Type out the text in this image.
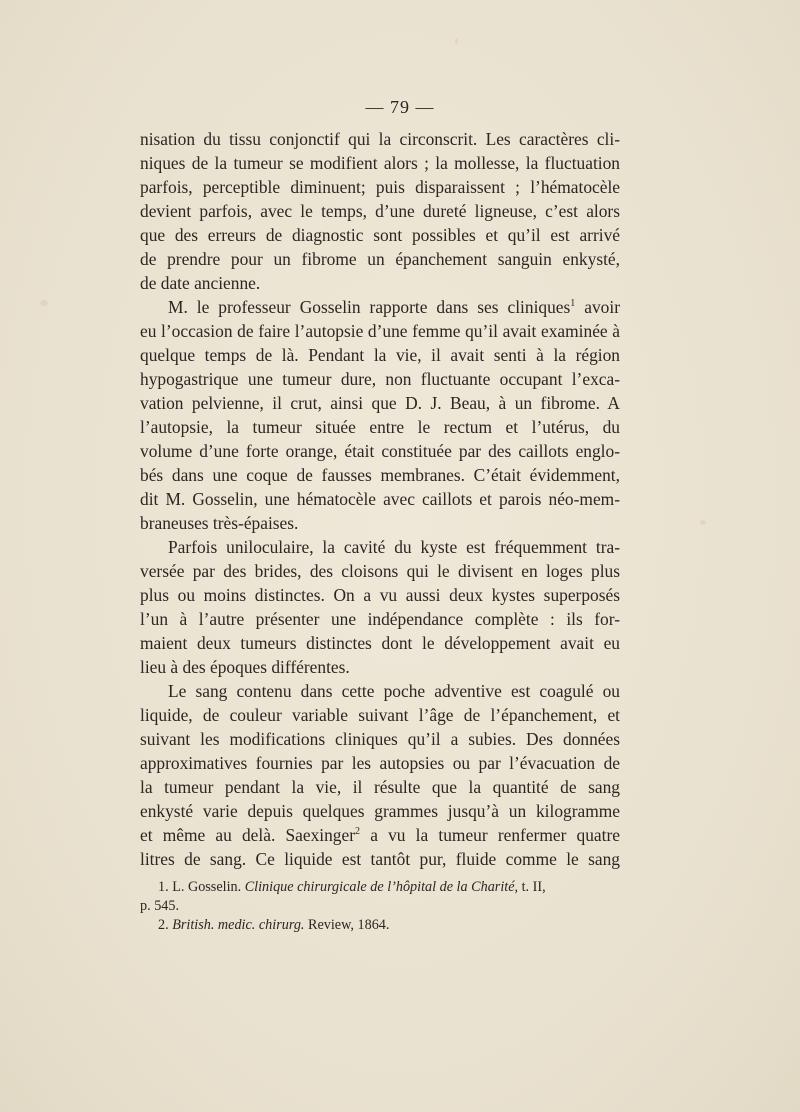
— 79 —
nisation du tissu conjonctif qui la circonscrit. Les caractères cli-
niques de la tumeur se modifient alors ; la mollesse, la fluctuation
parfois, perceptible diminuent; puis disparaissent ; l’hématocèle
devient parfois, avec le temps, d’une dureté ligneuse, c’est alors
que des erreurs de diagnostic sont possibles et qu’il est arrivé
de prendre pour un fibrome un épanchement sanguin enkysté,
de date ancienne.
M. le professeur Gosselin rapporte dans ses cliniques$^1$ avoir
eu l’occasion de faire l’autopsie d’une femme qu’il avait examinée à
quelque temps de là. Pendant la vie, il avait senti à la région
hypogastrique une tumeur dure, non fluctuante occupant l’exca-
vation pelvienne, il crut, ainsi que D. J. Beau, à un fibrome. A
l’autopsie, la tumeur située entre le rectum et l’utérus, du
volume d’une forte orange, était constituée par des caillots englo-
bés dans une coque de fausses membranes. C’était évidemment,
dit M. Gosselin, une hématocèle avec caillots et parois néo-mem-
braneuses très-épaises.
Parfois uniloculaire, la cavité du kyste est fréquemment tra-
versée par des brides, des cloisons qui le divisent en loges plus
plus ou moins distinctes. On a vu aussi deux kystes superposés
l’un à l’autre présenter une indépendance complète : ils for-
maient deux tumeurs distinctes dont le développement avait eu
lieu à des époques différentes.
Le sang contenu dans cette poche adventive est coagulé ou
liquide, de couleur variable suivant l’âge de l’épanchement, et
suivant les modifications cliniques qu’il a subies. Des données
approximatives fournies par les autopsies ou par l’évacuation de
la tumeur pendant la vie, il résulte que la quantité de sang
enkysté varie depuis quelques grammes jusqu’à un kilogramme
et même au delà. Saexinger$^2$ a vu la tumeur renfermer quatre
litres de sang. Ce liquide est tantôt pur, fluide comme le sang
1. L. Gosselin. Clinique chirurgicale de l’hôpital de la Charité, t. II,
p. 545.
2. British. medic. chirurg. Review, 1864.
